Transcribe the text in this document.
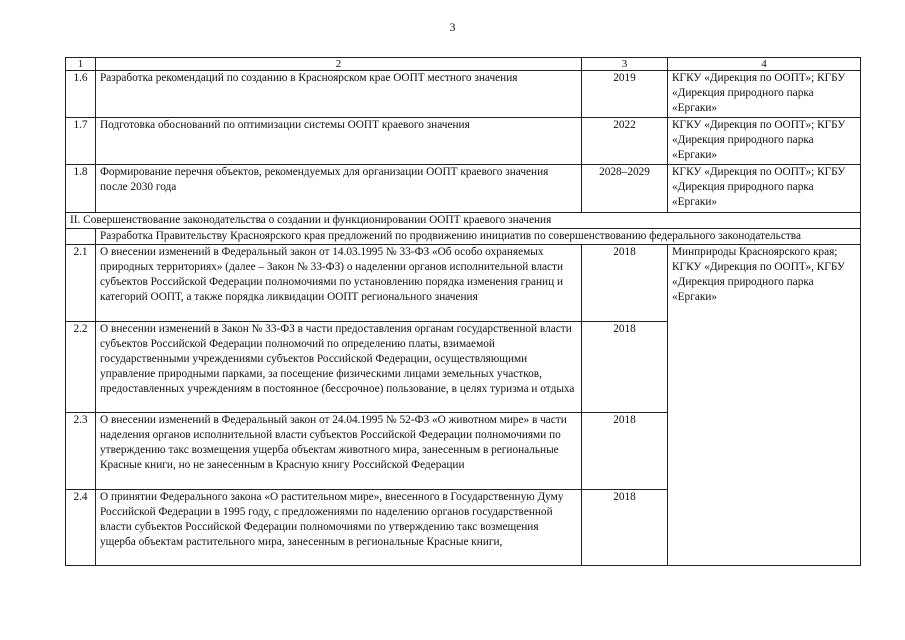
3
1	2	3	4
1.6	Разработка рекомендаций по созданию в Красноярском крае ООПТ местного значения	2019	КГКУ «Дирекция по ООПТ»; КГБУ «Дирекция природного парка «Ергаки»
1.7	Подготовка обоснований по оптимизации системы ООПТ краевого значения	2022	КГКУ «Дирекция по ООПТ»; КГБУ «Дирекция природного парка «Ергаки»
1.8	Формирование перечня объектов, рекомендуемых для организации ООПТ краевого значения после 2030 года	2028–2029	КГКУ «Дирекция по ООПТ»; КГБУ «Дирекция природного парка «Ергаки»
II. Совершенствование законодательства о создании и функционировании ООПТ краевого значения			
	Разработка Правительству Красноярского края предложений по продвижению инициатив по совершенствованию федерального законодательства		
2.1	О внесении изменений в Федеральный закон от 14.03.1995 № 33-ФЗ «Об особо охраняемых природных территориях» (далее – Закон № 33-ФЗ) о наделении органов исполнительной власти субъектов Российской Федерации полномочиями по установлению порядка изменения границ и категорий ООПТ, а также порядка ликвидации ООПТ регионального значения	2018	Минприроды Красноярского края; КГКУ «Дирекция по ООПТ», КГБУ «Дирекция природного парка «Ергаки»
2.2	О внесении изменений в Закон № 33-ФЗ в части предоставления органам государственной власти субъектов Российской Федерации полномочий по определению платы, взимаемой государственными учреждениями субъектов Российской Федерации, осуществляющими управление природными парками, за посещение физическими лицами земельных участков, предоставленных учреждениям в постоянное (бессрочное) пользование, в целях туризма и отдыха	2018	
2.3	О внесении изменений в Федеральный закон от 24.04.1995 № 52-ФЗ «О животном мире» в части наделения органов исполнительной власти субъектов Российской Федерации полномочиями по утверждению такс возмещения ущерба объектам животного мира, занесенным в региональные Красные книги, но не занесенным в Красную книгу Российской Федерации	2018	
2.4	О принятии Федерального закона «О растительном мире», внесенного в Государственную Думу Российской Федерации в 1995 году, с предложениями по наделению органов государственной власти субъектов Российской Федерации полномочиями по утверждению такс возмещения ущерба объектам растительного мира, занесенным в региональные Красные книги,	2018	
